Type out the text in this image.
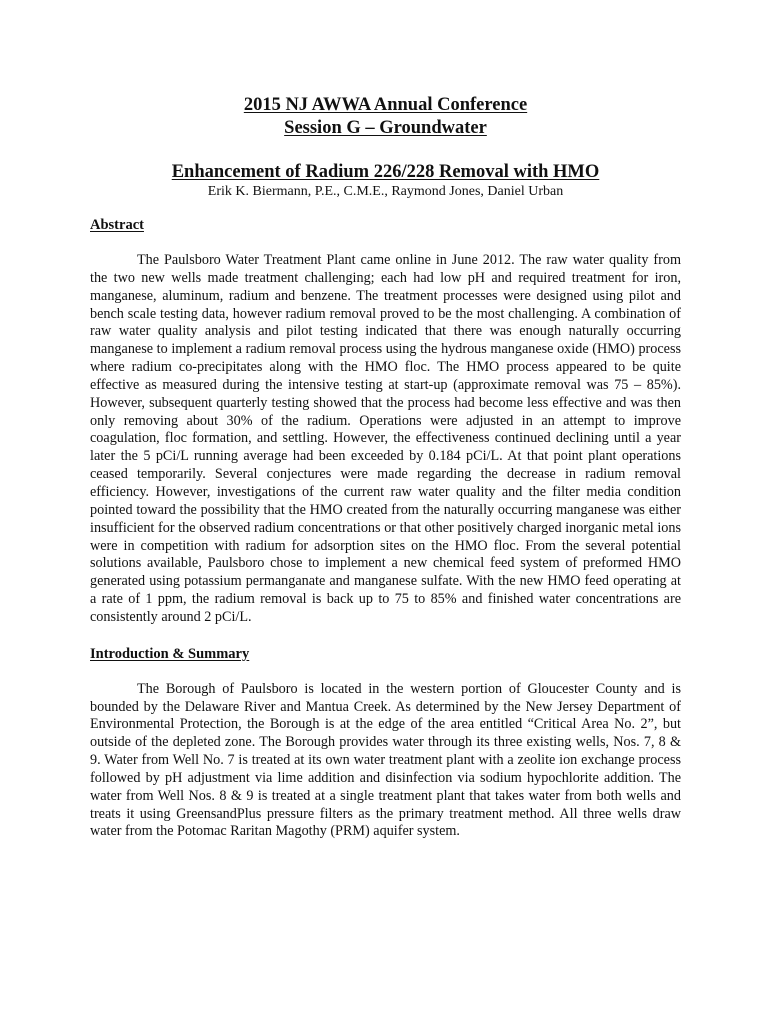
2015 NJ AWWA Annual Conference
Session G – Groundwater
Enhancement of Radium 226/228 Removal with HMO
Erik K. Biermann, P.E., C.M.E., Raymond Jones, Daniel Urban
Abstract

The Paulsboro Water Treatment Plant came online in June 2012. The raw water quality from the two new wells made treatment challenging; each had low pH and required treatment for iron, manganese, aluminum, radium and benzene. The treatment processes were designed using pilot and bench scale testing data, however radium removal proved to be the most challenging. A combination of raw water quality analysis and pilot testing indicated that there was enough naturally occurring manganese to implement a radium removal process using the hydrous manganese oxide (HMO) process where radium co-precipitates along with the HMO floc. The HMO process appeared to be quite effective as measured during the intensive testing at start-up (approximate removal was 75 – 85%). However, subsequent quarterly testing showed that the process had become less effective and was then only removing about 30% of the radium. Operations were adjusted in an attempt to improve coagulation, floc formation, and settling. However, the effectiveness continued declining until a year later the 5 pCi/L running average had been exceeded by 0.184 pCi/L. At that point plant operations ceased temporarily. Several conjectures were made regarding the decrease in radium removal efficiency. However, investigations of the current raw water quality and the filter media condition pointed toward the possibility that the HMO created from the naturally occurring manganese was either insufficient for the observed radium concentrations or that other positively charged inorganic metal ions were in competition with radium for adsorption sites on the HMO floc. From the several potential solutions available, Paulsboro chose to implement a new chemical feed system of preformed HMO generated using potassium permanganate and manganese sulfate. With the new HMO feed operating at a rate of 1 ppm, the radium removal is back up to 75 to 85% and finished water concentrations are consistently around 2 pCi/L.

Introduction & Summary

The Borough of Paulsboro is located in the western portion of Gloucester County and is bounded by the Delaware River and Mantua Creek. As determined by the New Jersey Department of Environmental Protection, the Borough is at the edge of the area entitled “Critical Area No. 2”, but outside of the depleted zone. The Borough provides water through its three existing wells, Nos. 7, 8 & 9. Water from Well No. 7 is treated at its own water treatment plant with a zeolite ion exchange process followed by pH adjustment via lime addition and disinfection via sodium hypochlorite addition. The water from Well Nos. 8 & 9 is treated at a single treatment plant that takes water from both wells and treats it using GreensandPlus pressure filters as the primary treatment method. All three wells draw water from the Potomac Raritan Magothy (PRM) aquifer system.
